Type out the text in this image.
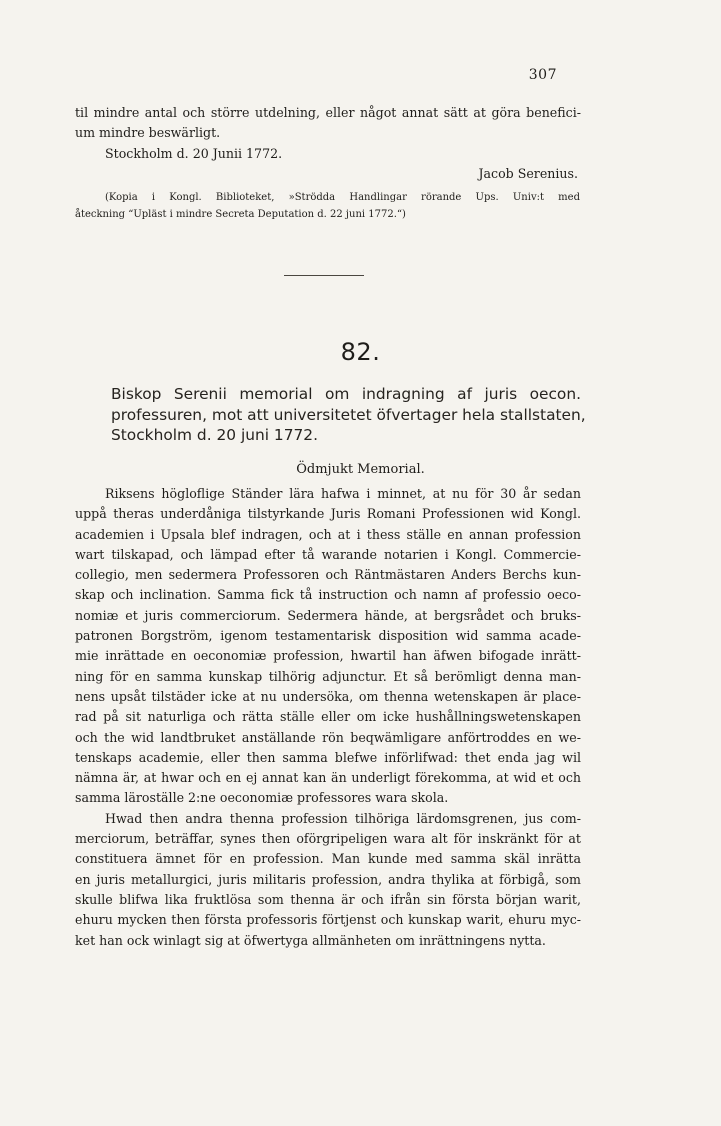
307
til mindre antal och större utdelning, eller något annat sätt at göra benefici-
um mindre beswärligt.
Stockholm d. 20 Junii 1772.
Jacob Serenius.
(Kopia i Kongl. Biblioteket, »Strödda Handlingar rörande Ups. Univ:t med
åteckning “Upläst i mindre Secreta Deputation d. 22 juni 1772.“)
82.
Biskop Serenii memorial om indragning af juris oecon.
professuren, mot att universitetet öfvertager hela stallstaten,
Stockholm d. 20 juni 1772.
Ödmjukt Memorial.
Riksens högloflige Ständer lära hafwa i minnet, at nu för 30 år sedan
uppå theras underdåniga tilstyrkande Juris Romani Professionen wid Kongl.
academien i Upsala blef indragen, och at i thess ställe en annan profession
wart tilskapad, och lämpad efter tå warande notarien i Kongl. Commercie-
collegio, men sedermera Professoren och Räntmästaren Anders Berchs kun-
skap och inclination. Samma fick tå instruction och namn af professio oeco-
nomiæ et juris commerciorum. Sedermera hände, at bergsrådet och bruks-
patronen Borgström, igenom testamentarisk disposition wid samma acade-
mie inrättade en oeconomiæ profession, hwartil han äfwen bifogade inrätt-
ning för en samma kunskap tilhörig adjunctur. Et så berömligt denna man-
nens upsåt tilstäder icke at nu undersöka, om thenna wetenskapen är place-
rad på sit naturliga och rätta ställe eller om icke hushållningswetenskapen
och the wid landtbruket anställande rön beqwämligare anförtroddes en we-
tenskaps academie, eller then samma blefwe införlifwad: thet enda jag wil
nämna är, at hwar och en ej annat kan än underligt förekomma, at wid et och
samma läroställe 2:ne oeconomiæ professores wara skola.
Hwad then andra thenna profession tilhöriga lärdomsgrenen, jus com-
merciorum, beträffar, synes then oförgripeligen wara alt för inskränkt för at
constituera ämnet för en profession. Man kunde med samma skäl inrätta
en juris metallurgici, juris militaris profession, andra thylika at förbigå, som
skulle blifwa lika fruktlösa som thenna är och ifrån sin första början warit,
ehuru mycken then första professoris förtjenst och kunskap warit, ehuru myc-
ket han ock winlagt sig at öfwertyga allmänheten om inrättningens nytta.
